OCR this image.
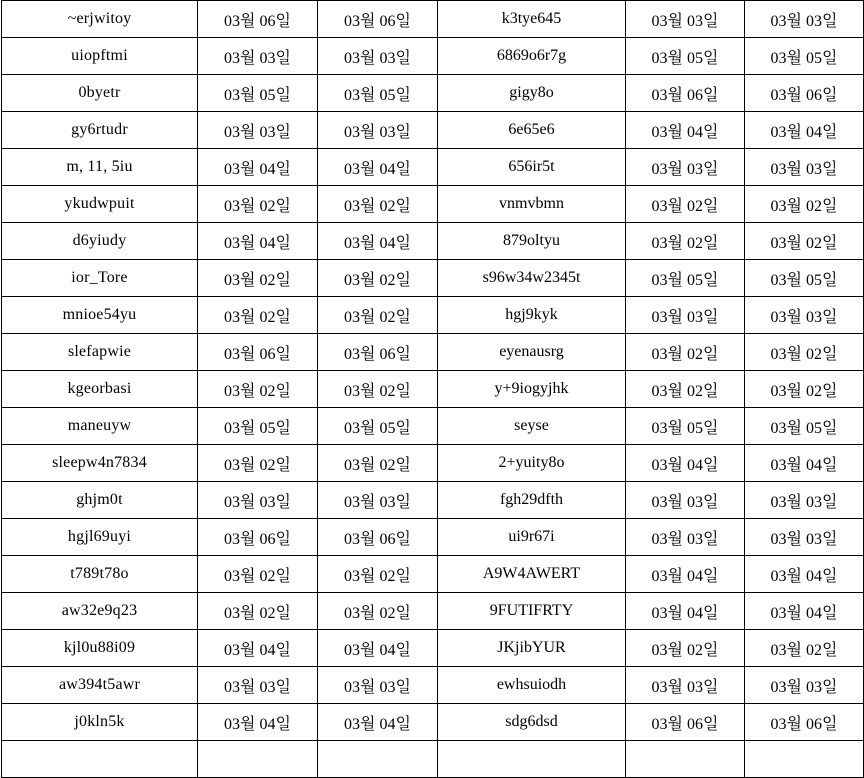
~erjwitoy	03월 06일	03월 06일	k3tye645	03월 03일	03월 03일
uiopftmi	03월 03일	03월 03일	6869o6r7g	03월 05일	03월 05일
0byetr	03월 05일	03월 05일	gigy8o	03월 06일	03월 06일
gy6rtudr	03월 03일	03월 03일	6e65e6	03월 04일	03월 04일
m, 11, 5iu	03월 04일	03월 04일	656ir5t	03월 03일	03월 03일
ykudwpuit	03월 02일	03월 02일	vnmvbmn	03월 02일	03월 02일
d6yiudy	03월 04일	03월 04일	879oltyu	03월 02일	03월 02일
ior_Tore	03월 02일	03월 02일	s96w34w2345t	03월 05일	03월 05일
mnioe54yu	03월 02일	03월 02일	hgj9kyk	03월 03일	03월 03일
slefapwie	03월 06일	03월 06일	eyenausrg	03월 02일	03월 02일
kgeorbasi	03월 02일	03월 02일	y+9iogyjhk	03월 02일	03월 02일
maneuyw	03월 05일	03월 05일	seyse	03월 05일	03월 05일
sleepw4n7834	03월 02일	03월 02일	2+yuity8o	03월 04일	03월 04일
ghjm0t	03월 03일	03월 03일	fgh29dfth	03월 03일	03월 03일
hgjl69uyi	03월 06일	03월 06일	ui9r67i	03월 03일	03월 03일
t789t78o	03월 02일	03월 02일	A9W4AWERT	03월 04일	03월 04일
aw32e9q23	03월 02일	03월 02일	9FUTIFRTY	03월 04일	03월 04일
kjl0u88i09	03월 04일	03월 04일	JKjibYUR	03월 02일	03월 02일
aw394t5awr	03월 03일	03월 03일	ewhsuiodh	03월 03일	03월 03일
j0kln5k	03월 04일	03월 04일	sdg6dsd	03월 06일	03월 06일
